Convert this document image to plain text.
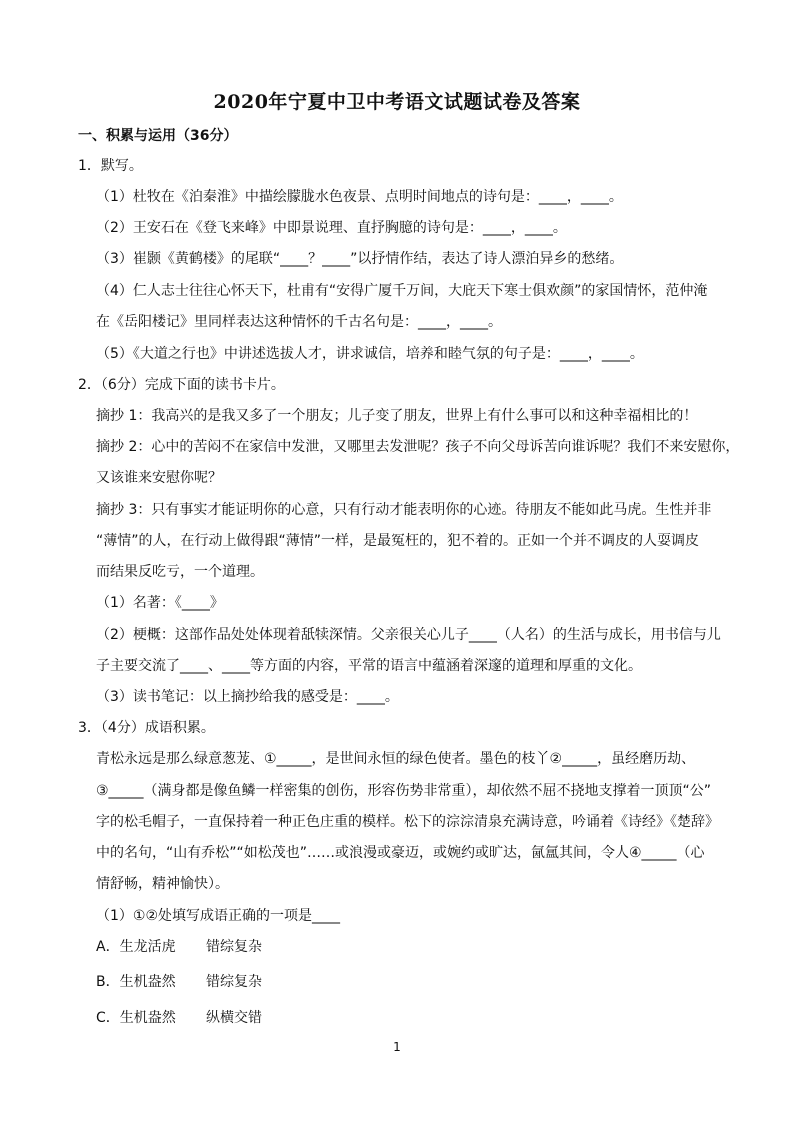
2020年宁夏中卫中考语文试题试卷及答案
一、积累与运用（36分）
1．默写。
（1）杜牧在《泊秦淮》中描绘朦胧水色夜景、点明时间地点的诗句是：____，____。
（2）王安石在《登飞来峰》中即景说理、直抒胸臆的诗句是：____，____。
（3）崔颢《黄鹤楼》的尾联“____？____”以抒情作结，表达了诗人漂泊异乡的愁绪。
（4）仁人志士往往心怀天下，杜甫有“安得广厦千万间，大庇天下寒士俱欢颜”的家国情怀，范仲淹
在《岳阳楼记》里同样表达这种情怀的千古名句是：____，____。
（5）《大道之行也》中讲述选拔人才，讲求诚信，培养和睦气氛的句子是：____，____。
2．（6分）完成下面的读书卡片。
摘抄 1：我高兴的是我又多了一个朋友；儿子变了朋友，世界上有什么事可以和这种幸福相比的！
摘抄 2：心中的苦闷不在家信中发泄，又哪里去发泄呢？孩子不向父母诉苦向谁诉呢？我们不来安慰你，
又该谁来安慰你呢？
摘抄 3：只有事实才能证明你的心意，只有行动才能表明你的心迹。待朋友不能如此马虎。生性并非
“薄情”的人，在行动上做得跟“薄情”一样，是最冤枉的，犯不着的。正如一个并不调皮的人耍调皮
而结果反吃亏，一个道理。
（1）名著：《____》
（2）梗概：这部作品处处体现着舐犊深情。父亲很关心儿子____（人名）的生活与成长，用书信与儿
子主要交流了____、____等方面的内容，平常的语言中蕴涵着深邃的道理和厚重的文化。
（3）读书笔记：以上摘抄给我的感受是：____。
3．（4分）成语积累。
青松永远是那么绿意葱茏、①_____，是世间永恒的绿色使者。墨色的枝丫②_____，虽经磨历劫、
③_____（满身都是像鱼鳞一样密集的创伤，形容伤势非常重），却依然不屈不挠地支撑着一顶顶“公”
字的松毛帽子，一直保持着一种正色庄重的模样。松下的淙淙清泉充满诗意，吟诵着《诗经》《楚辞》
中的名句，“山有乔松”“如松茂也”……或浪漫或豪迈，或婉约或旷达，氤氲其间，令人④_____（心
情舒畅，精神愉快）。
（1）①②处填写成语正确的一项是____
A．生龙活虎 错综复杂
B．生机盎然 错综复杂
C．生机盎然 纵横交错
1
